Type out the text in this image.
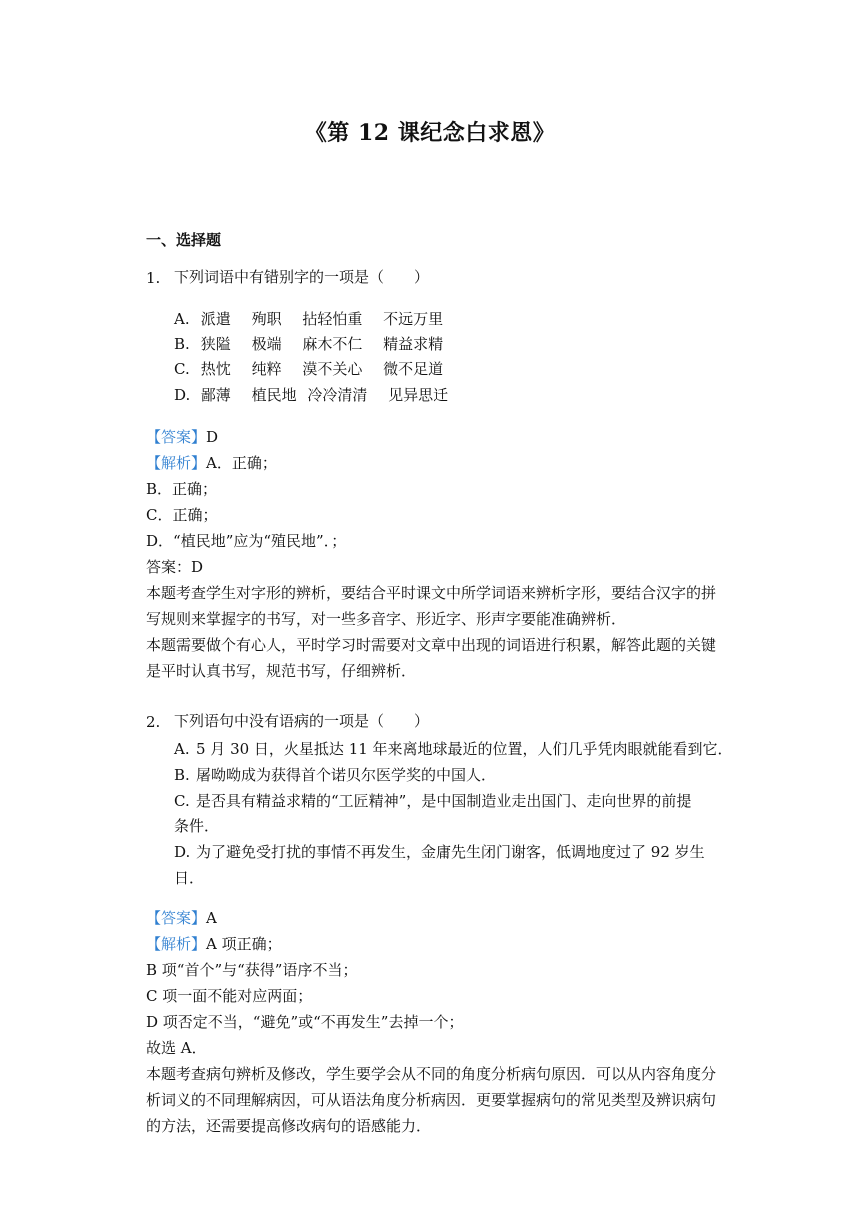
《第 12 课纪念白求恩》
一、选择题
1. 下列词语中有错别字的一项是（　　）
A. 派遣 殉职 拈轻怕重 不远万里
B. 狭隘 极端 麻木不仁 精益求精
C. 热忱 纯粹 漠不关心 微不足道
D. 鄙薄 植民地 冷冷清清 见异思迁
【答案】D
【解析】A．正确；
B．正确；
C．正确；
D．“植民地”应为“殖民地”．；
答案：D
本题考查学生对字形的辨析，要结合平时课文中所学词语来辨析字形，要结合汉字的拼
写规则来掌握字的书写，对一些多音字、形近字、形声字要能准确辨析．
本题需要做个有心人，平时学习时需要对文章中出现的词语进行积累，解答此题的关键
是平时认真书写，规范书写，仔细辨析．
2. 下列语句中没有语病的一项是（　　）
A. 5 月 30 日，火星抵达 11 年来离地球最近的位置，人们几乎凭肉眼就能看到它．
B. 屠呦呦成为获得首个诺贝尔医学奖的中国人．
C. 是否具有精益求精的“工匠精神”，是中国制造业走出国门、走向世界的前提
条件．
D. 为了避免受打扰的事情不再发生，金庸先生闭门谢客，低调地度过了 92 岁生
日．
【答案】A
【解析】A 项正确；
B 项“首个”与“获得”语序不当；
C 项一面不能对应两面；
D 项否定不当，“避免”或“不再发生”去掉一个；
故选 A．
本题考查病句辨析及修改，学生要学会从不同的角度分析病句原因．可以从内容角度分
析词义的不同理解病因，可从语法角度分析病因．更要掌握病句的常见类型及辨识病句
的方法，还需要提高修改病句的语感能力．
